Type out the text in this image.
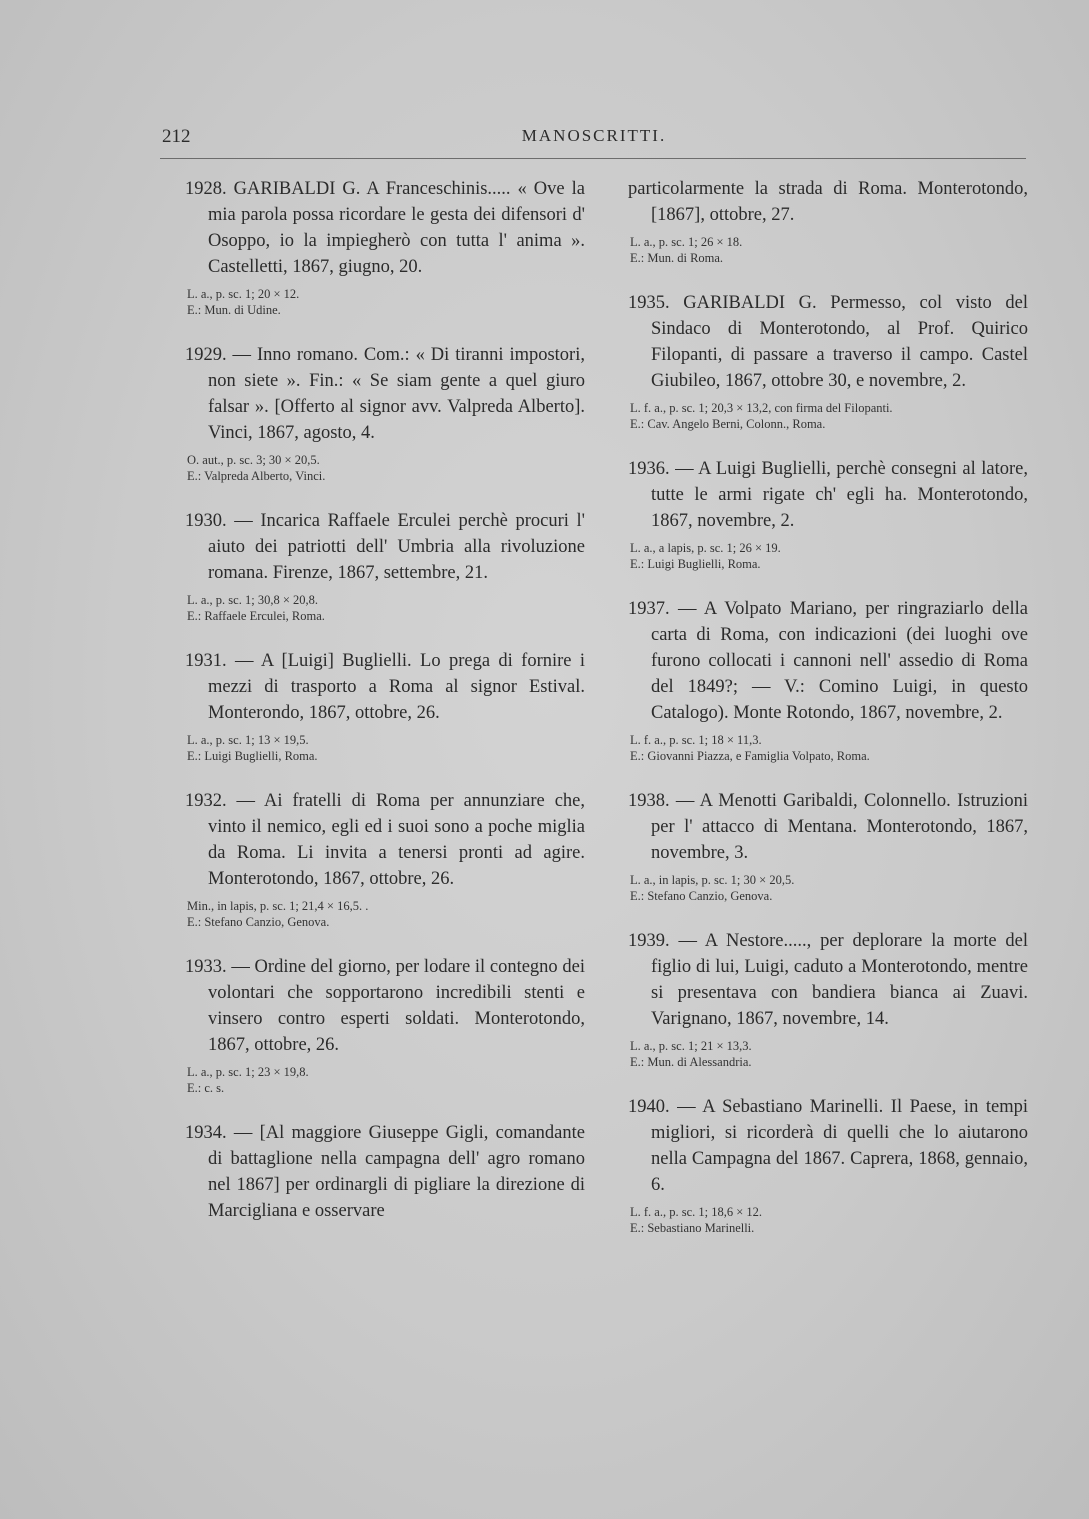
212	MANOSCRITTI.

1928. GARIBALDI G. A Franceschinis..... « Ove la mia parola possa ricordare le gesta dei difensori d' Osoppo, io la impiegherò con tutta l' anima ». Castelletti, 1867, giugno, 20.

L. a., p. sc. 1; 20 × 12.
E.: Mun. di Udine.

1929. — Inno romano. Com.: « Di tiranni impostori, non siete ». Fin.: « Se siam gente a quel giuro falsar ». [Offerto al signor avv. Valpreda Alberto]. Vinci, 1867, agosto, 4.

O. aut., p. sc. 3; 30 × 20,5.
E.: Valpreda Alberto, Vinci.

1930. — Incarica Raffaele Erculei perchè procuri l' aiuto dei patriotti dell' Umbria alla rivoluzione romana. Firenze, 1867, settembre, 21.

L. a., p. sc. 1; 30,8 × 20,8.
E.: Raffaele Erculei, Roma.

1931. — A [Luigi] Buglielli. Lo prega di fornire i mezzi di trasporto a Roma al signor Estival. Monterondo, 1867, ottobre, 26.

L. a., p. sc. 1; 13 × 19,5.
E.: Luigi Buglielli, Roma.

1932. — Ai fratelli di Roma per annunziare che, vinto il nemico, egli ed i suoi sono a poche miglia da Roma. Li invita a tenersi pronti ad agire. Monterotondo, 1867, ottobre, 26.

Min., in lapis, p. sc. 1; 21,4 × 16,5. .
E.: Stefano Canzio, Genova.

1933. — Ordine del giorno, per lodare il contegno dei volontari che sopportarono incredibili stenti e vinsero contro esperti soldati. Monterotondo, 1867, ottobre, 26.

L. a., p. sc. 1; 23 × 19,8.
E.: c. s.

1934. — [Al maggiore Giuseppe Gigli, comandante di battaglione nella campagna dell' agro romano nel 1867] per ordinargli di pigliare la direzione di Marcigliana e osservare

particolarmente la strada di Roma. Monterotondo, [1867], ottobre, 27.

L. a., p. sc. 1; 26 × 18.
E.: Mun. di Roma.

1935. GARIBALDI G. Permesso, col visto del Sindaco di Monterotondo, al Prof. Quirico Filopanti, di passare a traverso il campo. Castel Giubileo, 1867, ottobre 30, e novembre, 2.

L. f. a., p. sc. 1; 20,3 × 13,2, con firma del Filopanti.
E.: Cav. Angelo Berni, Colonn., Roma.

1936. — A Luigi Buglielli, perchè consegni al latore, tutte le armi rigate ch' egli ha. Monterotondo, 1867, novembre, 2.

L. a., a lapis, p. sc. 1; 26 × 19.
E.: Luigi Buglielli, Roma.

1937. — A Volpato Mariano, per ringraziarlo della carta di Roma, con indicazioni (dei luoghi ove furono collocati i cannoni nell' assedio di Roma del 1849?; — V.: Comino Luigi, in questo Catalogo). Monte Rotondo, 1867, novembre, 2.

L. f. a., p. sc. 1; 18 × 11,3.
E.: Giovanni Piazza, e Famiglia Volpato, Roma.

1938. — A Menotti Garibaldi, Colonnello. Istruzioni per l' attacco di Mentana. Monterotondo, 1867, novembre, 3.

L. a., in lapis, p. sc. 1; 30 × 20,5.
E.: Stefano Canzio, Genova.

1939. — A Nestore....., per deplorare la morte del figlio di lui, Luigi, caduto a Monterotondo, mentre si presentava con bandiera bianca ai Zuavi. Varignano, 1867, novembre, 14.

L. a., p. sc. 1; 21 × 13,3.
E.: Mun. di Alessandria.

1940. — A Sebastiano Marinelli. Il Paese, in tempi migliori, si ricorderà di quelli che lo aiutarono nella Campagna del 1867. Caprera, 1868, gennaio, 6.

L. f. a., p. sc. 1; 18,6 × 12.
E.: Sebastiano Marinelli.
